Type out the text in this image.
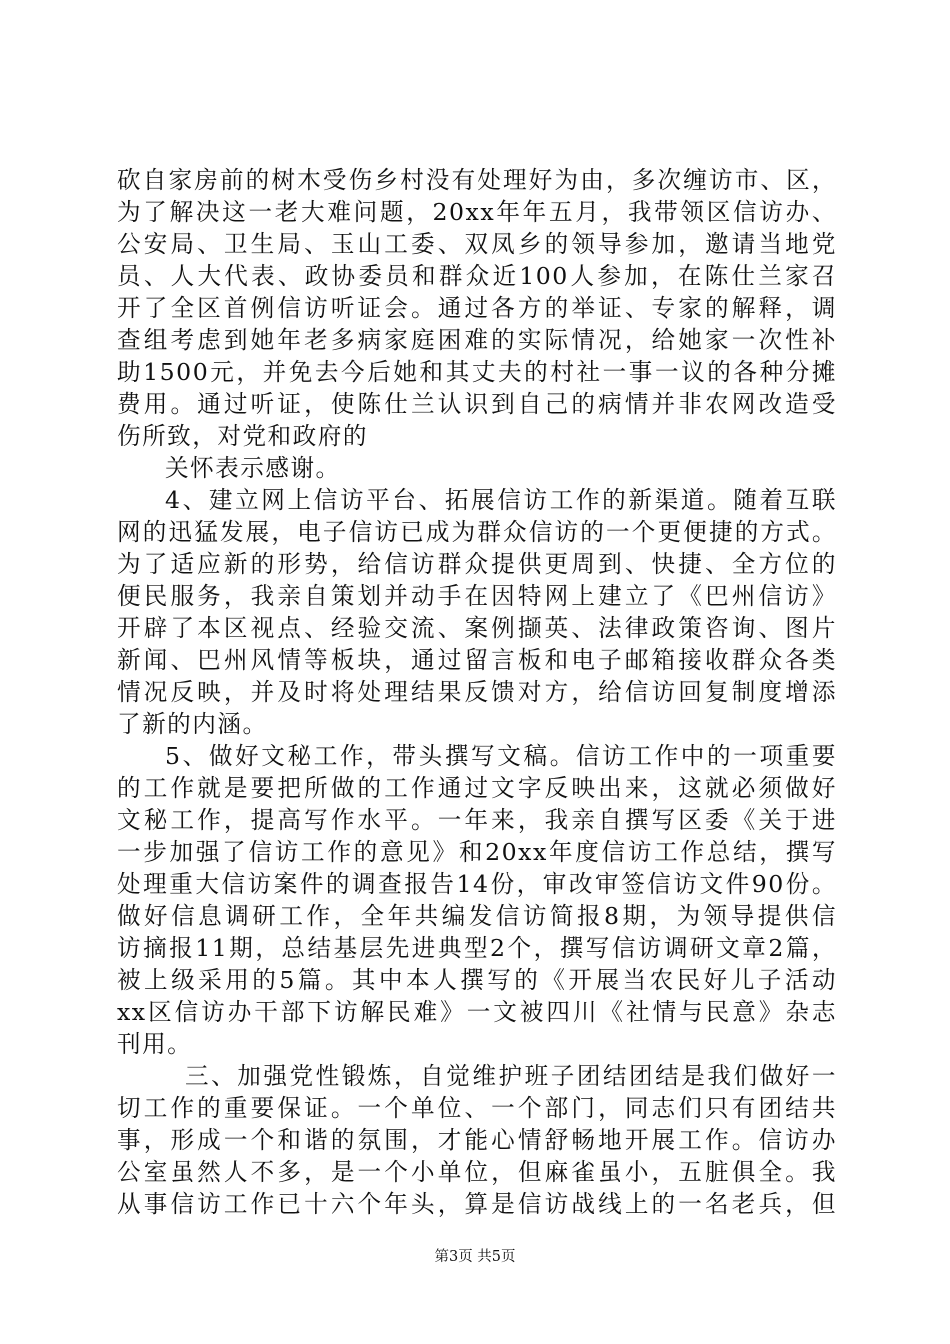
砍自家房前的树木受伤乡村没有处理好为由，多次缠访市、区，
为了解决这一老大难问题，20xx年年五月，我带领区信访办、
公安局、卫生局、玉山工委、双凤乡的领导参加，邀请当地党
员、人大代表、政协委员和群众近100人参加，在陈仕兰家召
开了全区首例信访听证会。通过各方的举证、专家的解释，调
查组考虑到她年老多病家庭困难的实际情况，给她家一次性补
助1500元，并免去今后她和其丈夫的村社一事一议的各种分摊
费用。通过听证，使陈仕兰认识到自己的病情并非农网改造受
伤所致，对党和政府的
关怀表示感谢。
4、建立网上信访平台、拓展信访工作的新渠道。随着互联
网的迅猛发展，电子信访已成为群众信访的一个更便捷的方式。
为了适应新的形势，给信访群众提供更周到、快捷、全方位的
便民服务，我亲自策划并动手在因特网上建立了《巴州信访》
开辟了本区视点、经验交流、案例撷英、法律政策咨询、图片
新闻、巴州风情等板块，通过留言板和电子邮箱接收群众各类
情况反映，并及时将处理结果反馈对方，给信访回复制度增添
了新的内涵。
5、做好文秘工作，带头撰写文稿。信访工作中的一项重要
的工作就是要把所做的工作通过文字反映出来，这就必须做好
文秘工作，提高写作水平。一年来，我亲自撰写区委《关于进
一步加强了信访工作的意见》和20xx年度信访工作总结，撰写
处理重大信访案件的调查报告14份，审改审签信访文件90份。
做好信息调研工作，全年共编发信访简报8期，为领导提供信
访摘报11期，总结基层先进典型2个，撰写信访调研文章2篇，
被上级采用的5篇。其中本人撰写的《开展当农民好儿子活动
xx区信访办干部下访解民难》一文被四川《社情与民意》杂志
刊用。
三、加强党性锻炼，自觉维护班子团结团结是我们做好一
切工作的重要保证。一个单位、一个部门，同志们只有团结共
事，形成一个和谐的氛围，才能心情舒畅地开展工作。信访办
公室虽然人不多，是一个小单位，但麻雀虽小，五脏俱全。我
从事信访工作已十六个年头，算是信访战线上的一名老兵，但
第3页 共5页
